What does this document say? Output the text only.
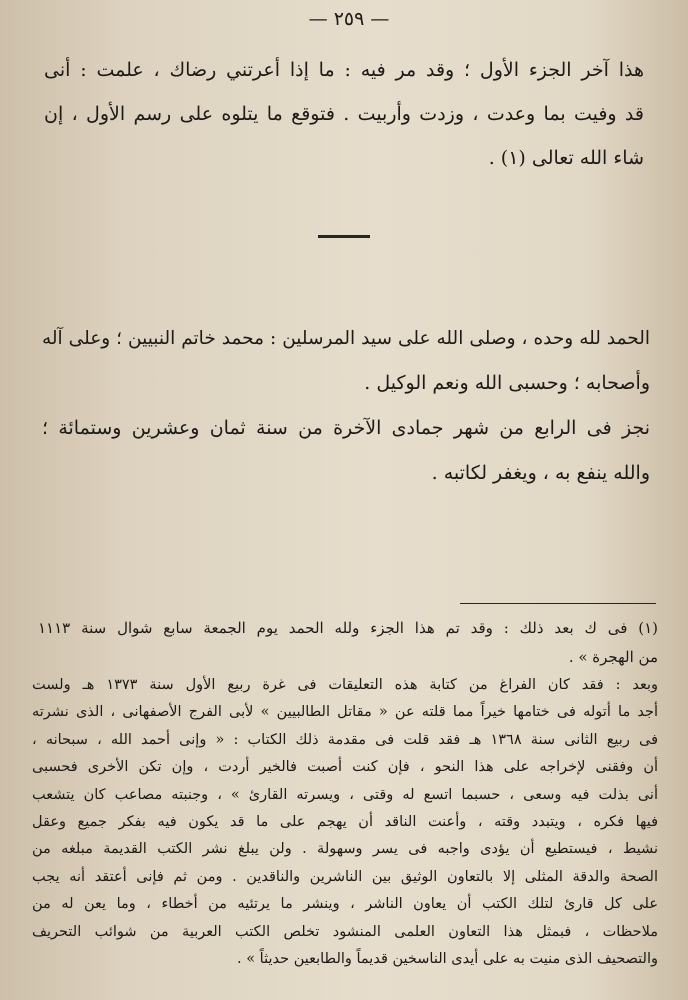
— ٢٥٩ —
هذا آخر الجزء الأول ؛ وقد مر فيه : ما إذا أعرتني رضاك ، علمت : أنى
قد وفيت بما وعدت ، وزدت وأربيت . فتوقع ما يتلوه على رسم الأول ، إن
شاء الله تعالى (١) .
الحمد لله وحده ، وصلى الله على سيد المرسلين : محمد خاتم النبيين ؛ وعلى آله
وأصحابه ؛ وحسبى الله ونعم الوكيل .
نجز فى الرابع من شهر جمادى الآخرة من سنة ثمان وعشرين وستمائة ؛
والله ينفع به ، ويغفر لكاتبه .
(١) فى ك بعد ذلك : وقد تم هذا الجزء ولله الحمد يوم الجمعة سابع شوال سنة ١١١٣
من الهجرة » .
وبعد : فقد كان الفراغ من كتابة هذه التعليقات فى غرة ربيع الأول سنة ١٣٧٣ هـ ولست
أجد ما أتوله فى ختامها خيراً مما قلته عن « مقاتل الطالبيين » لأبى الفرج الأصفهانى ، الذى نشرته
فى ربيع الثانى سنة ١٣٦٨ هـ فقد قلت فى مقدمة ذلك الكتاب : « وإنى أحمد الله ، سبحانه ،
أن وفقنى لإخراجه على هذا النحو ، فإن كنت أصبت فالخير أردت ، وإن تكن الأخرى فحسبى
أنى بذلت فيه وسعى ، حسبما اتسع له وقتى ، ويسرته القارئ » ، وجنبته مصاعب كان يتشعب
فيها فكره ، ويتبدد وقته ، وأعنت الناقد أن يهجم على ما قد يكون فيه بفكر جميع وعقل
نشيط ، فيستطيع أن يؤدى واجبه فى يسر وسهولة . ولن يبلغ نشر الكتب القديمة مبلغه من
الصحة والدقة المثلى إلا بالتعاون الوثيق بين الناشرين والناقدين . ومن ثم فإنى أعتقد أنه يجب
على كل قارئ لتلك الكتب أن يعاون الناشر ، وينشر ما يرتئيه من أخطاء ، وما يعن له من
ملاحظات ، فبمثل هذا التعاون العلمى المنشود تخلص الكتب العربية من شوائب التحريف
والتصحيف الذى منيت به على أيدى الناسخين قديماً والطابعين حديثاً » .
